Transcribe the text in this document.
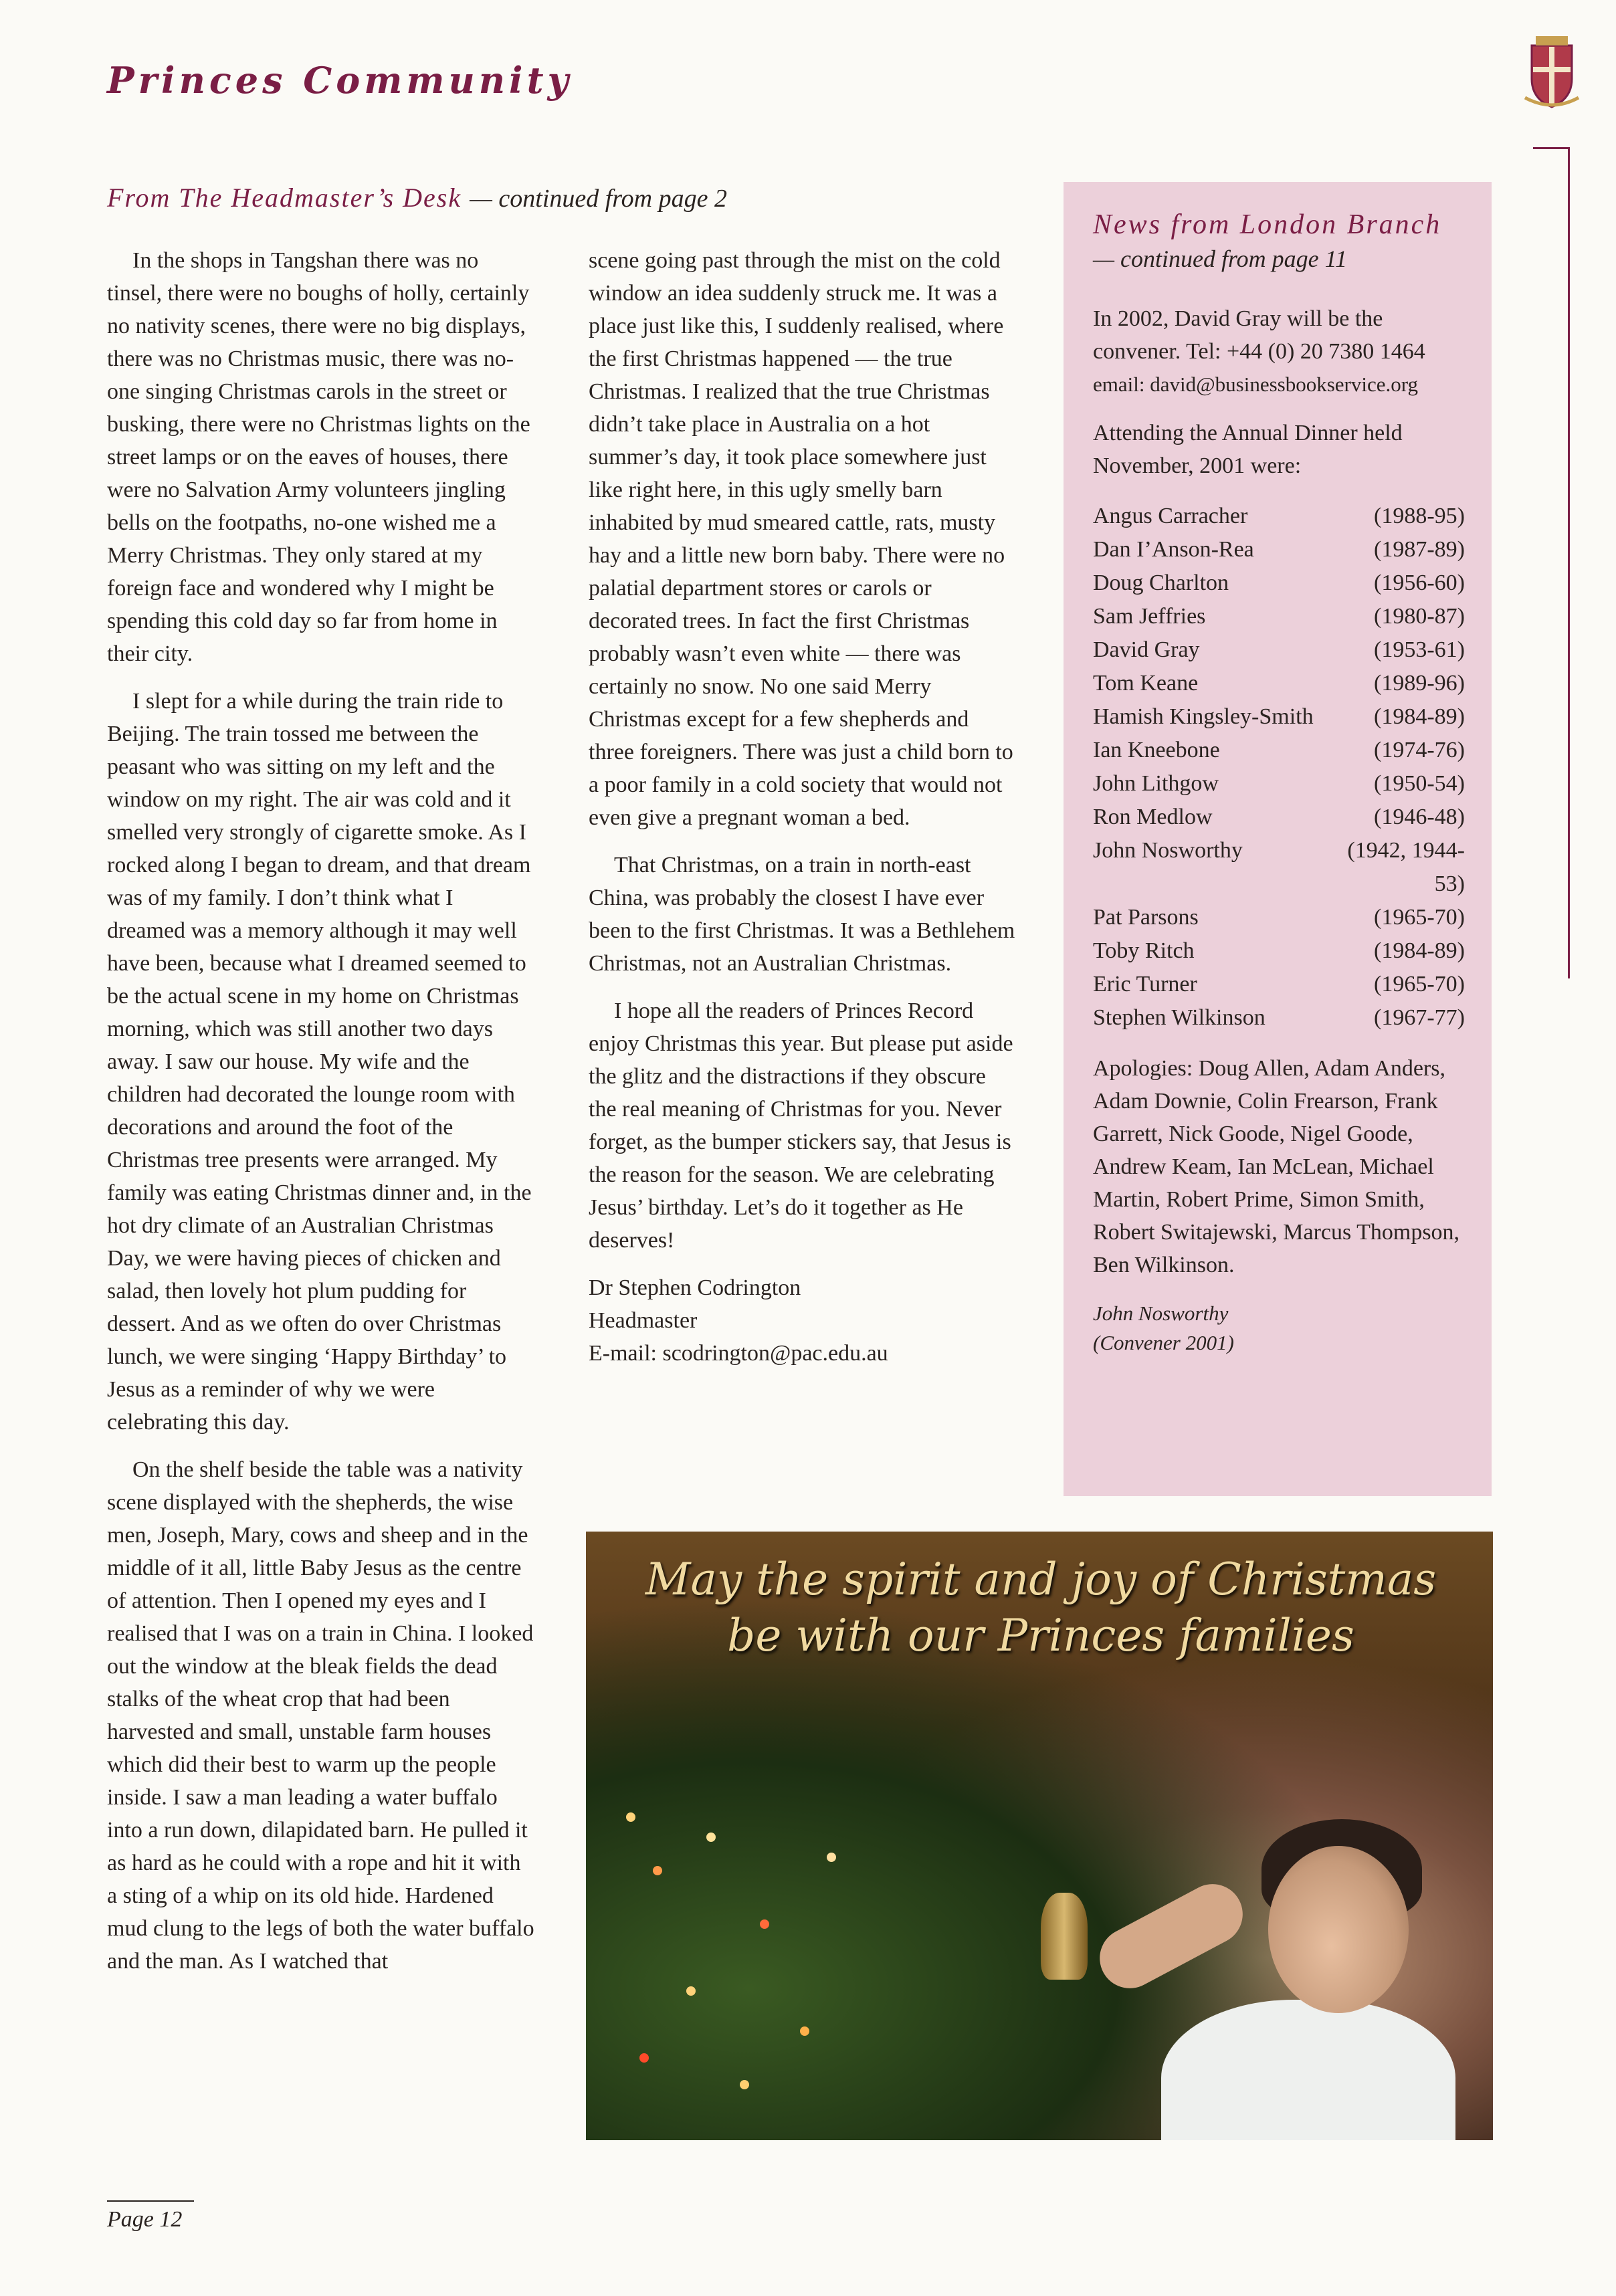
Princes Community
From The Headmaster’s Desk — continued from page 2

In the shops in Tangshan there was no tinsel, there were no boughs of holly, certainly no nativity scenes, there were no big displays, there was no Christmas music, there was no-one singing Christmas carols in the street or busking, there were no Christmas lights on the street lamps or on the eaves of houses, there were no Salvation Army volunteers jingling bells on the footpaths, no-one wished me a Merry Christmas. They only stared at my foreign face and wondered why I might be spending this cold day so far from home in their city.

I slept for a while during the train ride to Beijing. The train tossed me between the peasant who was sitting on my left and the window on my right. The air was cold and it smelled very strongly of cigarette smoke. As I rocked along I began to dream, and that dream was of my family. I don’t think what I dreamed was a memory although it may well have been, because what I dreamed seemed to be the actual scene in my home on Christmas morning, which was still another two days away. I saw our house. My wife and the children had decorated the lounge room with decorations and around the foot of the Christmas tree presents were arranged. My family was eating Christmas dinner and, in the hot dry climate of an Australian Christmas Day, we were having pieces of chicken and salad, then lovely hot plum pudding for dessert. And as we often do over Christmas lunch, we were singing ‘Happy Birthday’ to Jesus as a reminder of why we were celebrating this day.

On the shelf beside the table was a nativity scene displayed with the shepherds, the wise men, Joseph, Mary, cows and sheep and in the middle of it all, little Baby Jesus as the centre of attention. Then I opened my eyes and I realised that I was on a train in China. I looked out the window at the bleak fields the dead stalks of the wheat crop that had been harvested and small, unstable farm houses which did their best to warm up the people inside. I saw a man leading a water buffalo into a run down, dilapidated barn. He pulled it as hard as he could with a rope and hit it with a sting of a whip on its old hide. Hardened mud clung to the legs of both the water buffalo and the man. As I watched that

scene going past through the mist on the cold window an idea suddenly struck me. It was a place just like this, I suddenly realised, where the first Christmas happened — the true Christmas. I realized that the true Christmas didn’t take place in Australia on a hot summer’s day, it took place somewhere just like right here, in this ugly smelly barn inhabited by mud smeared cattle, rats, musty hay and a little new born baby. There were no palatial department stores or carols or decorated trees. In fact the first Christmas probably wasn’t even white — there was certainly no snow. No one said Merry Christmas except for a few shepherds and three foreigners. There was just a child born to a poor family in a cold society that would not even give a pregnant woman a bed.

That Christmas, on a train in north-east China, was probably the closest I have ever been to the first Christmas. It was a Bethlehem Christmas, not an Australian Christmas.

I hope all the readers of Princes Record enjoy Christmas this year. But please put aside the glitz and the distractions if they obscure the real meaning of Christmas for you. Never forget, as the bumper stickers say, that Jesus is the reason for the season. We are celebrating Jesus’ birthday. Let’s do it together as He deserves!

Dr Stephen Codrington
Headmaster
E-mail: scodrington@pac.edu.au
News from London Branch
— continued from page 11
In 2002, David Gray will be the convener. Tel: +44 (0) 20 7380 1464
email: david@businessbookservice.org
Attending the Annual Dinner held November, 2001 were:
Angus Carracher	(1988-95)
Dan I’Anson-Rea	(1987-89)
Doug Charlton	(1956-60)
Sam Jeffries	(1980-87)
David Gray	(1953-61)
Tom Keane	(1989-96)
Hamish Kingsley-Smith	(1984-89)
Ian Kneebone	(1974-76)
John Lithgow	(1950-54)
Ron Medlow	(1946-48)
John Nosworthy	(1942, 1944-53)
Pat Parsons	(1965-70)
Toby Ritch	(1984-89)
Eric Turner	(1965-70)
Stephen Wilkinson	(1967-77)
Apologies: Doug Allen, Adam Anders, Adam Downie, Colin Frearson, Frank Garrett, Nick Goode, Nigel Goode, Andrew Keam, Ian McLean, Michael Martin, Robert Prime, Simon Smith, Robert Switajewski, Marcus Thompson, Ben Wilkinson.
John Nosworthy
(Convener 2001)
May the spirit and joy of Christmas
be with our Princes families
Page 12
